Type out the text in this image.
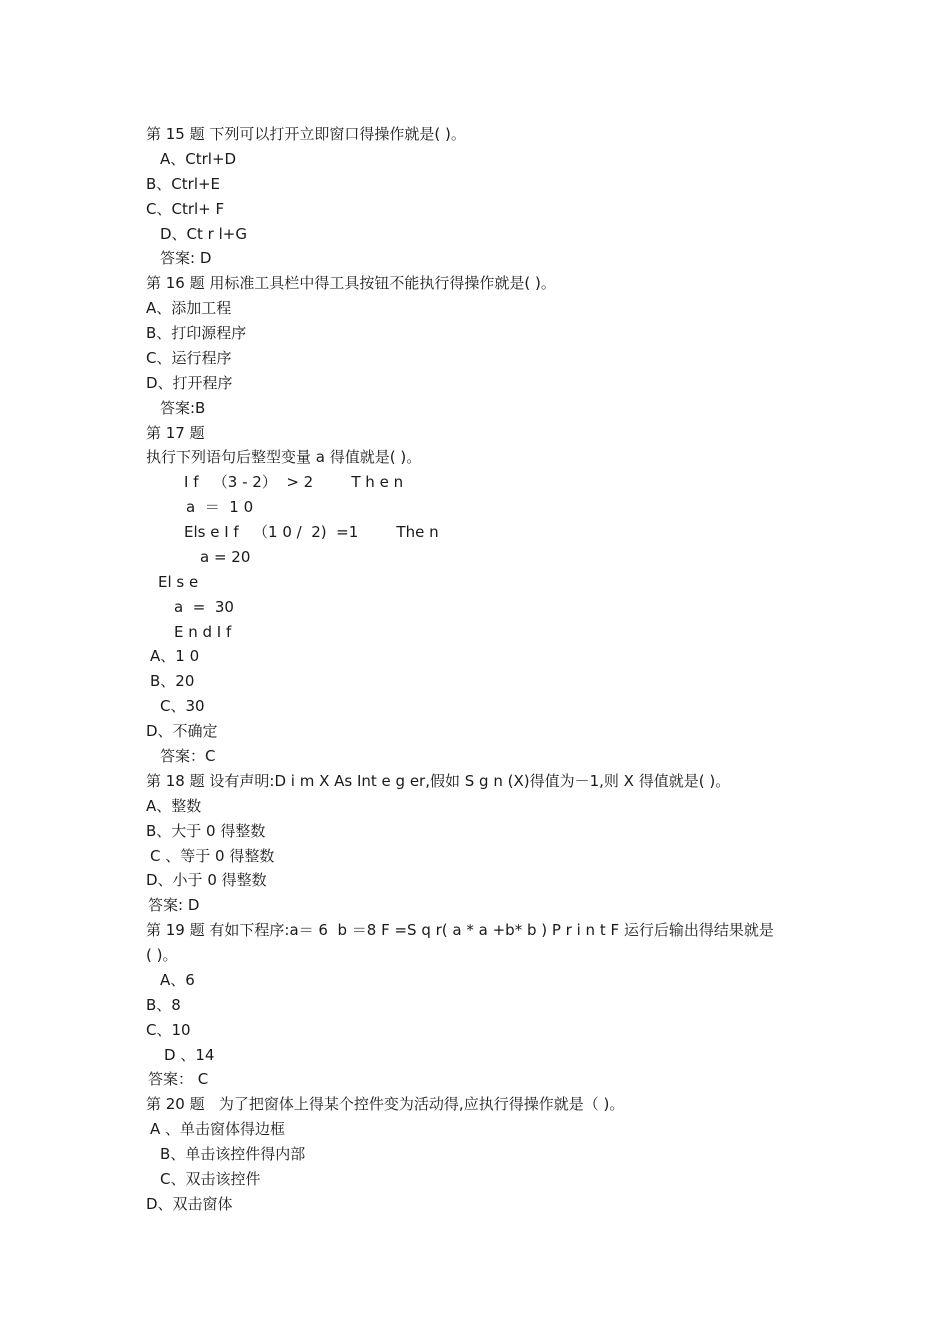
第 15 题 下列可以打开立即窗口得操作就是( )。
A、Ctrl+D
B、Ctrl+E
C、Ctrl+ F
D、Ct r l+G
答案: D
第 16 题 用标准工具栏中得工具按钮不能执行得操作就是( )。
A、添加工程
B、打印源程序
C、运行程序
D、打开程序
答案:B
第 17 题
执行下列语句后整型变量 a 得值就是( )。
I f   （3 - 2）  > 2        T h e n
a  ＝  1 0
Els e I f   （1 0 /  2)  =1        The n
a = 20
El s e
a  =  30
E n d I f
A、1 0
B、20
C、30
D、不确定
答案：C
第 18 题 设有声明:D i m X As Int e g er,假如 S g n (X)得值为－1,则 X 得值就是( )。
A、整数
B、大于 0 得整数
C 、等于 0 得整数
D、小于 0 得整数
答案: D
第 19 题 有如下程序:a＝ 6  b ＝8 F =S q r( a * a +b* b ) P r i n t F 运行后输出得结果就是
( )。
A、6
B、8
C、10
D 、14
答案： C
第 20 题   为了把窗体上得某个控件变为活动得,应执行得操作就是（ )。
A 、单击窗体得边框
B、单击该控件得内部
C、双击该控件
D、双击窗体
